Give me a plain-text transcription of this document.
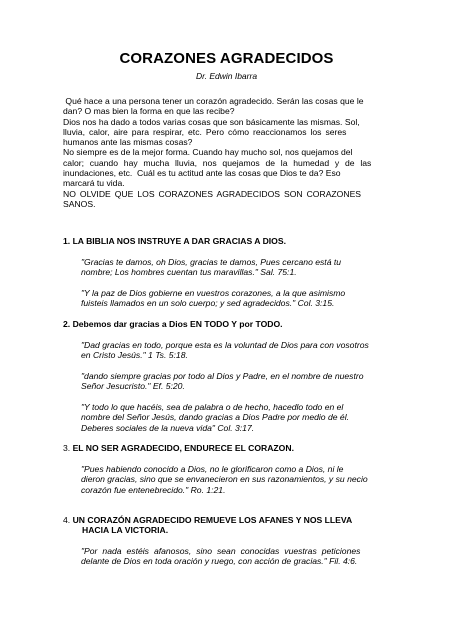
CORAZONES AGRADECIDOS
Dr. Edwin Ibarra
Qué hace a una persona tener un corazón agradecido. Serán las cosas que le
dan? O mas bien la forma en que las recibe?
Dios nos ha dado a todos varias cosas que son básicamente las mismas. Sol,
lluvia, calor, aire para respirar, etc. Pero cómo reaccionamos los seres
humanos ante las mismas cosas?
No siempre es de la mejor forma. Cuando hay mucho sol, nos quejamos del
calor; cuando hay mucha lluvia, nos quejamos de la humedad y de las
inundaciones, etc.  Cuál es tu actitud ante las cosas que Dios te da? Eso
marcará tu vida.
NO OLVIDE QUE LOS CORAZONES AGRADECIDOS SON CORAZONES
SANOS.
1. LA BIBLIA NOS INSTRUYE A DAR GRACIAS A DIOS.
"Gracias te damos, oh Dios, gracias te damos, Pues cercano está tu
nombre; Los hombres cuentan tus maravillas." Sal. 75:1.
"Y la paz de Dios gobierne en vuestros corazones, a la que asimismo
fuisteis llamados en un solo cuerpo; y sed agradecidos." Col. 3:15.
2. Debemos dar gracias a Dios EN TODO Y por TODO.
"Dad gracias en todo, porque esta es la voluntad de Dios para con vosotros
en Cristo Jesús." 1 Ts. 5:18.
"dando siempre gracias por todo al Dios y Padre, en el nombre de nuestro
Señor Jesucristo." Ef. 5:20.
"Y todo lo que hacéis, sea de palabra o de hecho, hacedlo todo en el
nombre del Señor Jesús, dando gracias a Dios Padre por medio de él.
Deberes sociales de la nueva vida" Col. 3:17.
3. EL NO SER AGRADECIDO, ENDURECE EL CORAZON.
"Pues habiendo conocido a Dios, no le glorificaron como a Dios, ni le
dieron gracias, sino que se envanecieron en sus razonamientos, y su necio
corazón fue entenebrecido." Ro. 1:21.
4. UN CORAZÓN AGRADECIDO REMUEVE LOS AFANES Y NOS LLEVA
HACIA LA VICTORIA.
"Por nada estéis afanosos, sino sean conocidas vuestras peticiones
delante de Dios en toda oración y ruego, con acción de gracias." Fil. 4:6.
